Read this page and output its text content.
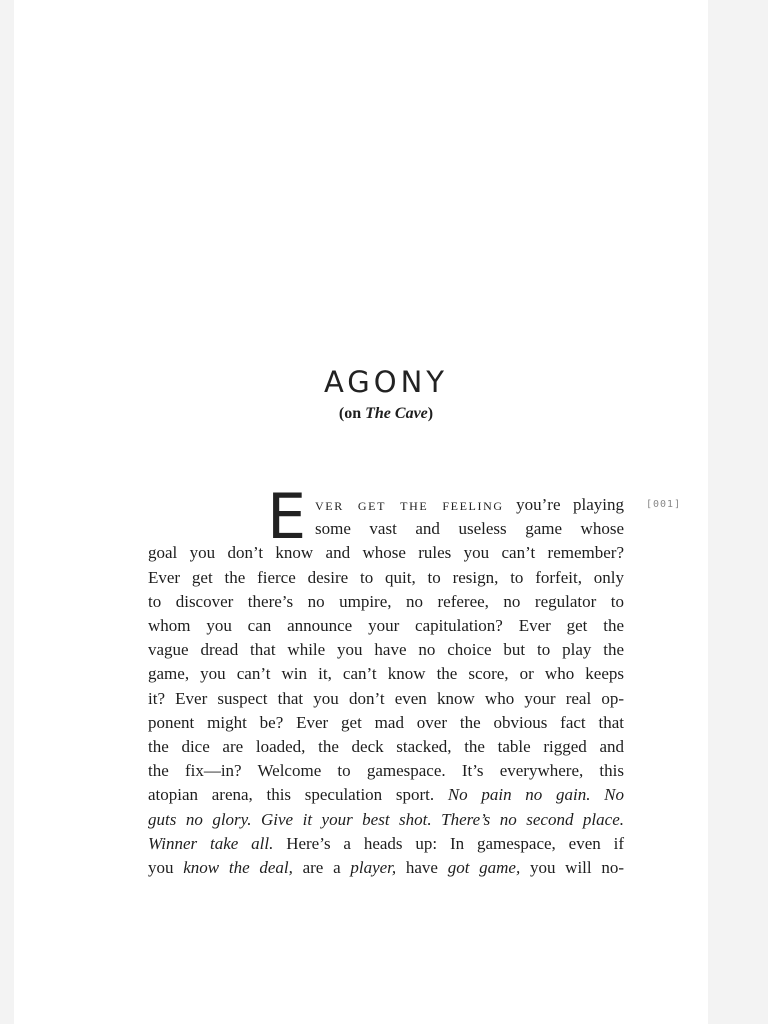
AGONY
(on The Cave)
[001]
E ver get the feeling you’re playing
some vast and useless game whose
goal you don’t know and whose rules you can’t remember?
Ever get the fierce desire to quit, to resign, to forfeit, only
to discover there’s no umpire, no referee, no regulator to
whom you can announce your capitulation? Ever get the
vague dread that while you have no choice but to play the
game, you can’t win it, can’t know the score, or who keeps
it? Ever suspect that you don’t even know who your real op-
ponent might be? Ever get mad over the obvious fact that
the dice are loaded, the deck stacked, the table rigged and
the fix—in? Welcome to gamespace. It’s everywhere, this
atopian arena, this speculation sport. No pain no gain. No
guts no glory. Give it your best shot. There’s no second place.
Winner take all. Here’s a heads up: In gamespace, even if
you know the deal, are a player, have got game, you will no-
